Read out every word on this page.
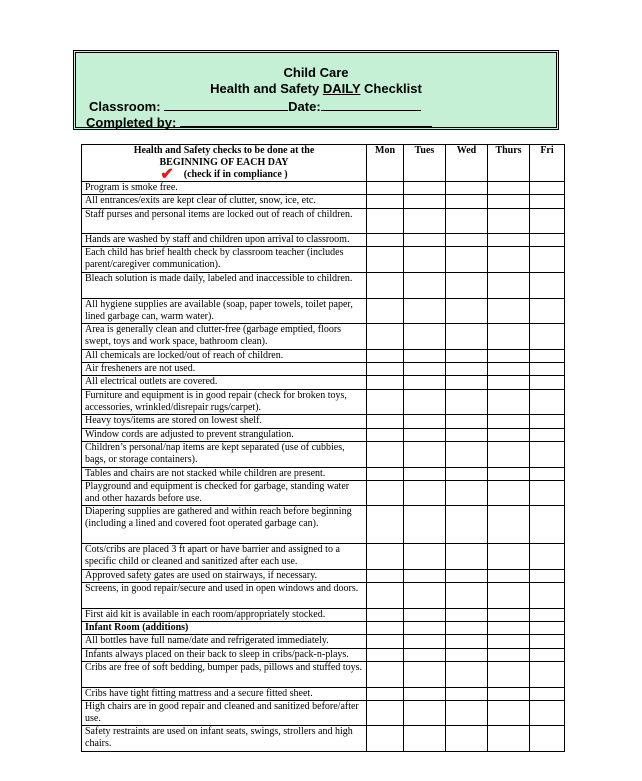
Child Care
Health and Safety DAILY Checklist
Classroom:	Date:
Completed by:
Health and Safety checks to be done at the
BEGINNING OF EACH DAY
✔ (check if in compliance )	Mon	Tues	Wed	Thurs	Fri
Program is smoke free.					
All entrances/exits are kept clear of clutter, snow, ice, etc.					
Staff purses and personal items are locked out of reach of children.					
Hands are washed by staff and children upon arrival to classroom.					
Each child has brief health check by classroom teacher (includes parent/caregiver communication).					
Bleach solution is made daily, labeled and inaccessible to children.					
All hygiene supplies are available (soap, paper towels, toilet paper, lined garbage can, warm water).					
Area is generally clean and clutter-free (garbage emptied, floors swept, toys and work space, bathroom clean).					
All chemicals are locked/out of reach of children.					
Air fresheners are not used.					
All electrical outlets are covered.					
Furniture and equipment is in good repair (check for broken toys, accessories, wrinkled/disrepair rugs/carpet).					
Heavy toys/items are stored on lowest shelf.					
Window cords are adjusted to prevent strangulation.					
Children’s personal/nap items are kept separated (use of cubbies, bags, or storage containers).					
Tables and chairs are not stacked while children are present.					
Playground and equipment is checked for garbage, standing water and other hazards before use.					
Diapering supplies are gathered and within reach before beginning (including a lined and covered foot operated garbage can).					
Cots/cribs are placed 3 ft apart or have barrier and assigned to a specific child or cleaned and sanitized after each use.					
Approved safety gates are used on stairways, if necessary.					
Screens, in good repair/secure and used in open windows and doors.					
First aid kit is available in each room/appropriately stocked.					
Infant Room (additions)					
All bottles have full name/date and refrigerated immediately.					
Infants always placed on their back to sleep in cribs/pack-n-plays.					
Cribs are free of soft bedding, bumper pads, pillows and stuffed toys.					
Cribs have tight fitting mattress and a secure fitted sheet.					
High chairs are in good repair and cleaned and sanitized before/after use.					
Safety restraints are used on infant seats, swings, strollers and high chairs.					
